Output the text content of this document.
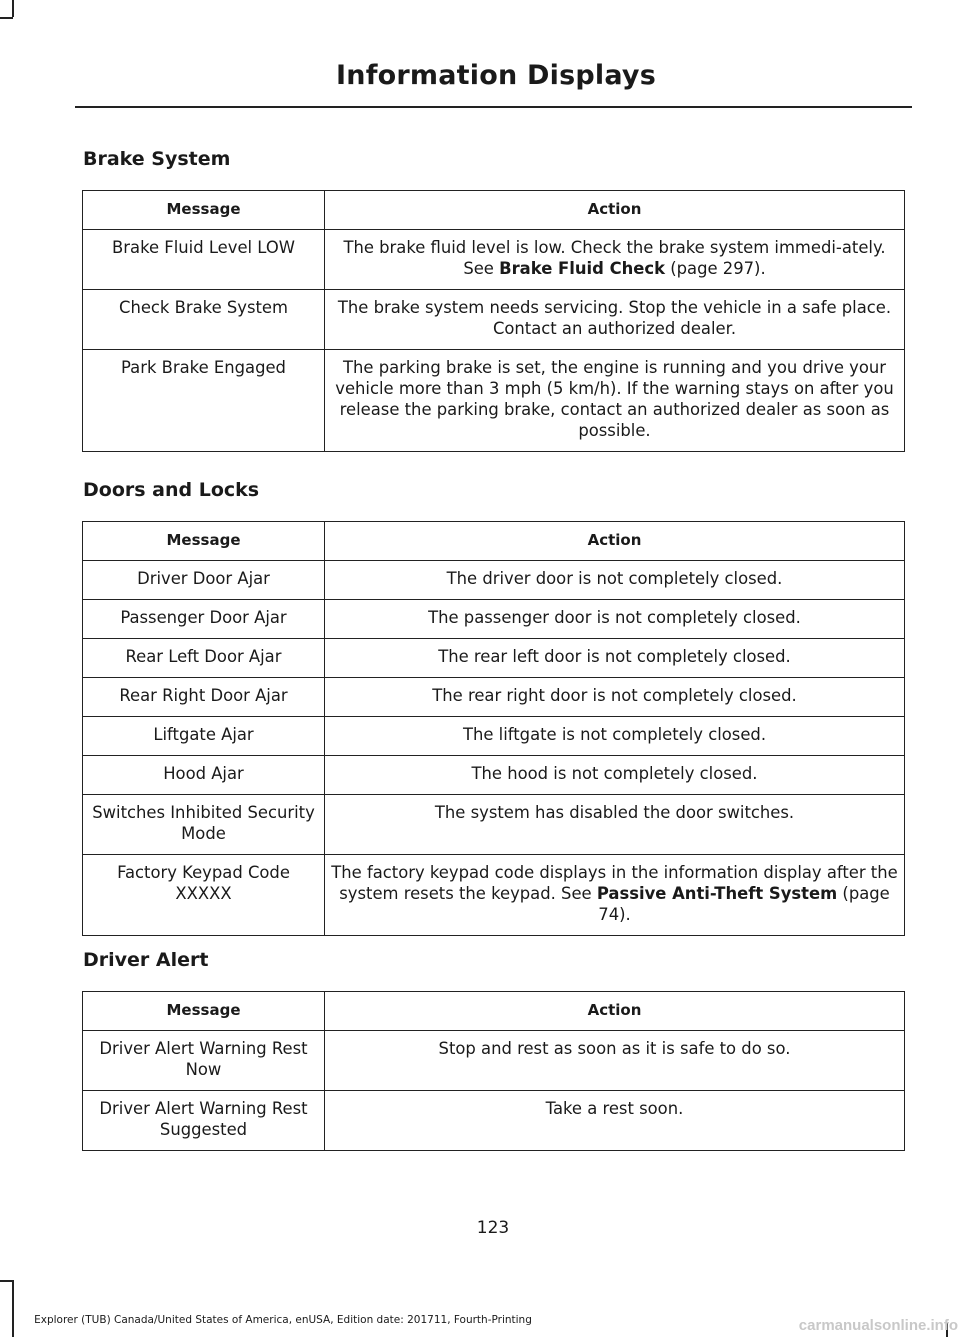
Information Displays
Brake System
Message	Action
Brake Fluid Level LOW	The brake fluid level is low. Check the brake system immedi-ately. See Brake Fluid Check (page 297).
Check Brake System	The brake system needs servicing. Stop the vehicle in a safe place. Contact an authorized dealer.
Park Brake Engaged	The parking brake is set, the engine is running and you drive your vehicle more than 3 mph (5 km/h). If the warning stays on after you release the parking brake, contact an authorized dealer as soon as possible.
Doors and Locks
Message	Action
Driver Door Ajar	The driver door is not completely closed.
Passenger Door Ajar	The passenger door is not completely closed.
Rear Left Door Ajar	The rear left door is not completely closed.
Rear Right Door Ajar	The rear right door is not completely closed.
Liftgate Ajar	The liftgate is not completely closed.
Hood Ajar	The hood is not completely closed.
Switches Inhibited Security Mode	The system has disabled the door switches.
Factory Keypad Code XXXXX	The factory keypad code displays in the information display after the system resets the keypad. See Passive Anti-Theft System (page 74).
Driver Alert
Message	Action
Driver Alert Warning Rest Now	Stop and rest as soon as it is safe to do so.
Driver Alert Warning Rest Suggested	Take a rest soon.
123
Explorer (TUB) Canada/United States of America, enUSA, Edition date: 201711, Fourth-Printing	carmanualsonline.info
